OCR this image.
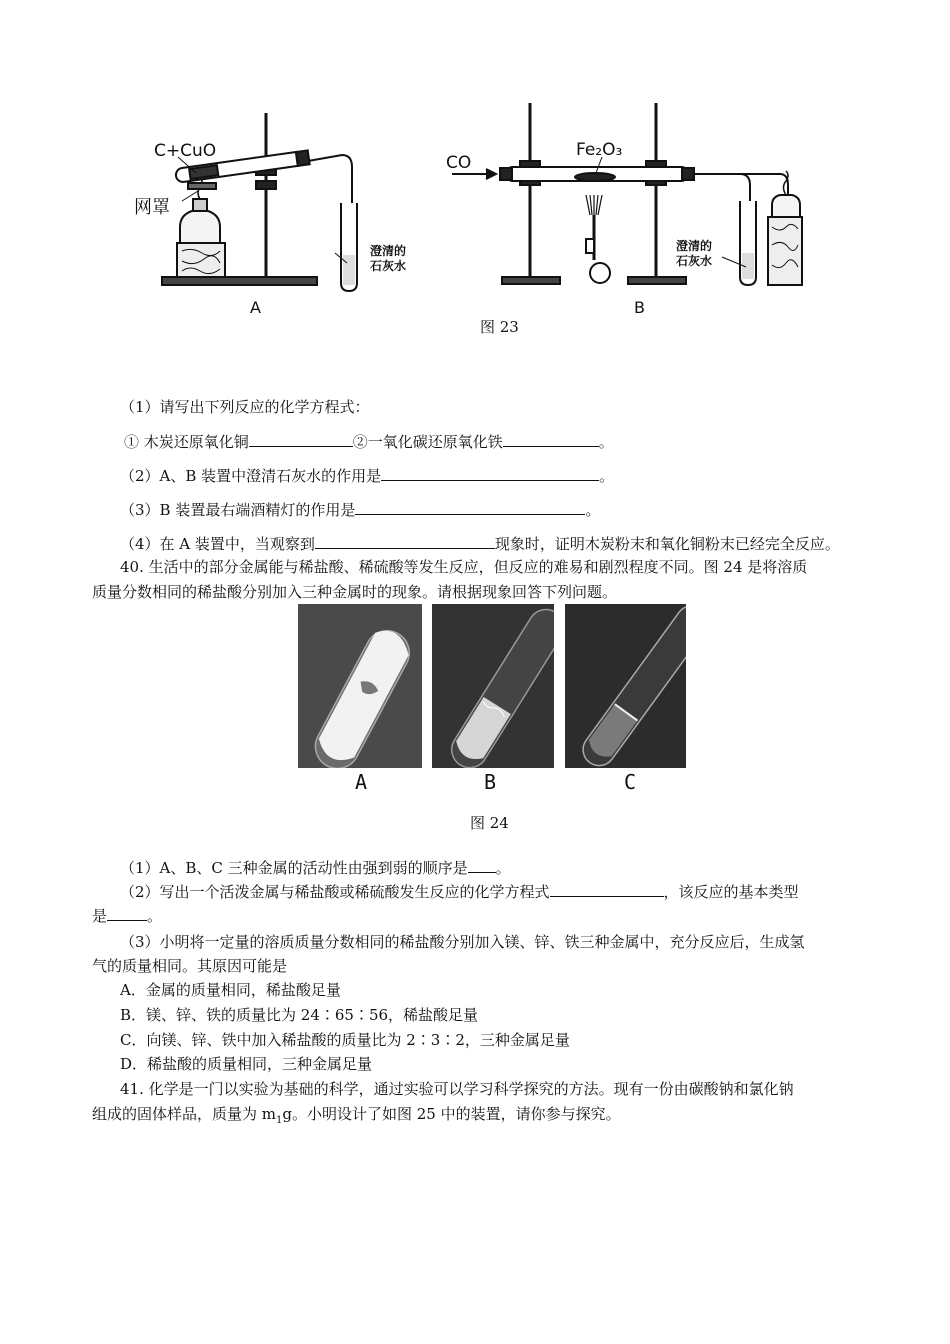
C+CuO
网罩
澄清的
石灰水
CO
Fe₂O₃
澄清的
石灰水
A	B
图 23
（1）请写出下列反应的化学方程式：
① 木炭还原氧化铜	②一氧化碳还原氧化铁	。
（2）A、B 装置中澄清石灰水的作用是	。
（3）B 装置最右端酒精灯的作用是	。
（4）在 A 装置中，当观察到	现象时，证明木炭粉末和氧化铜粉末已经完全反应。
40. 生活中的部分金属能与稀盐酸、稀硫酸等发生反应，但反应的难易和剧烈程度不同。图 24 是将溶质
质量分数相同的稀盐酸分别加入三种金属时的现象。请根据现象回答下列问题。
A	B	C
图 24
（1）A、B、C 三种金属的活动性由强到弱的顺序是 。
（2）写出一个活泼金属与稀盐酸或稀硫酸发生反应的化学方程式	，该反应的基本类型
是	。
（3）小明将一定量的溶质质量分数相同的稀盐酸分别加入镁、锌、铁三种金属中，充分反应后，生成氢
气的质量相同。其原因可能是
A．金属的质量相同，稀盐酸足量
B．镁、锌、铁的质量比为 24∶65∶56，稀盐酸足量
C．向镁、锌、铁中加入稀盐酸的质量比为 2∶3∶2，三种金属足量
D．稀盐酸的质量相同，三种金属足量
41. 化学是一门以实验为基础的科学，通过实验可以学习科学探究的方法。现有一份由碳酸钠和氯化钠
组成的固体样品，质量为 $m_1g$。小明设计了如图 25 中的装置，请你参与探究。
